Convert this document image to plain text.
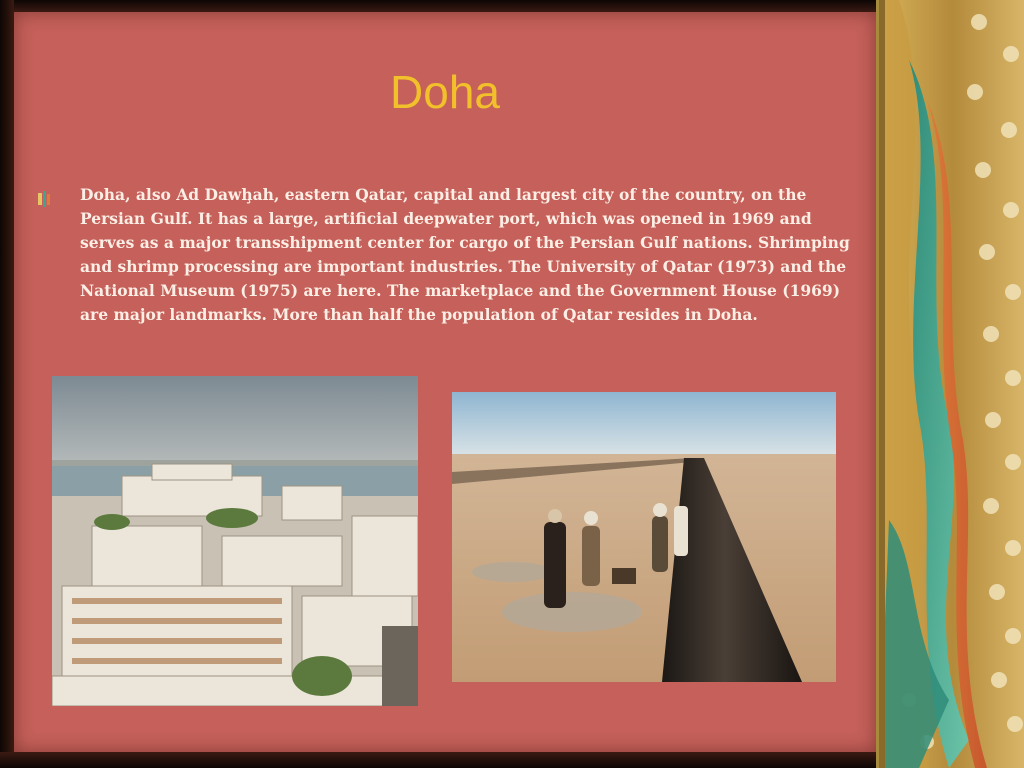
Doha

Doha, also Ad Dawḩah, eastern Qatar, capital and largest city of the country, on the Persian Gulf. It has a large, artificial deepwater port, which was opened in 1969 and serves as a major transshipment center for cargo of the Persian Gulf nations. Shrimping and shrimp processing are important industries. The University of Qatar (1973) and the National Museum (1975) are here. The marketplace and the Government House (1969) are major landmarks. More than half the population of Qatar resides in Doha.
